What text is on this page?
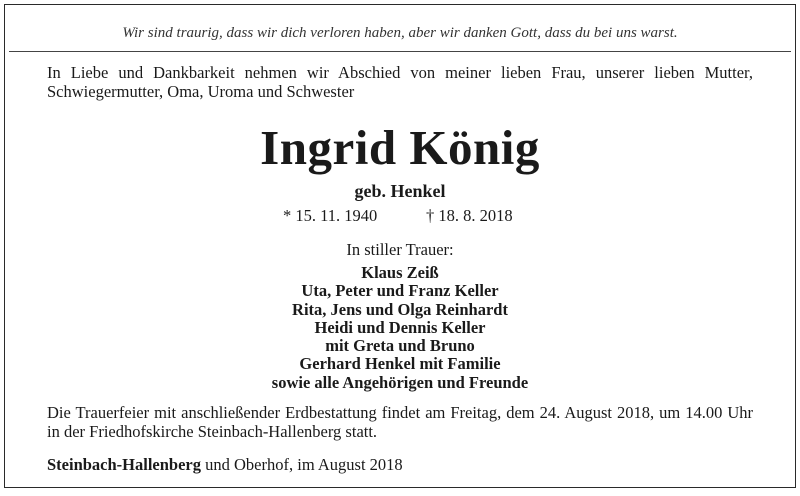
Wir sind traurig, dass wir dich verloren haben, aber wir danken Gott, dass du bei uns warst.
In Liebe und Dankbarkeit nehmen wir Abschied von meiner lieben Frau, unserer lieben Mutter, Schwiegermutter, Oma, Uroma und Schwester
Ingrid König
geb. Henkel
* 15. 11. 1940	† 18. 8. 2018
In stiller Trauer:
Klaus Zeiß
Uta, Peter und Franz Keller
Rita, Jens und Olga Reinhardt
Heidi und Dennis Keller
mit Greta und Bruno
Gerhard Henkel mit Familie
sowie alle Angehörigen und Freunde
Die Trauerfeier mit anschließender Erdbestattung findet am Freitag, dem 24. August 2018, um 14.00 Uhr in der Friedhofskirche Steinbach-Hallenberg statt.
Steinbach-Hallenberg und Oberhof, im August 2018
